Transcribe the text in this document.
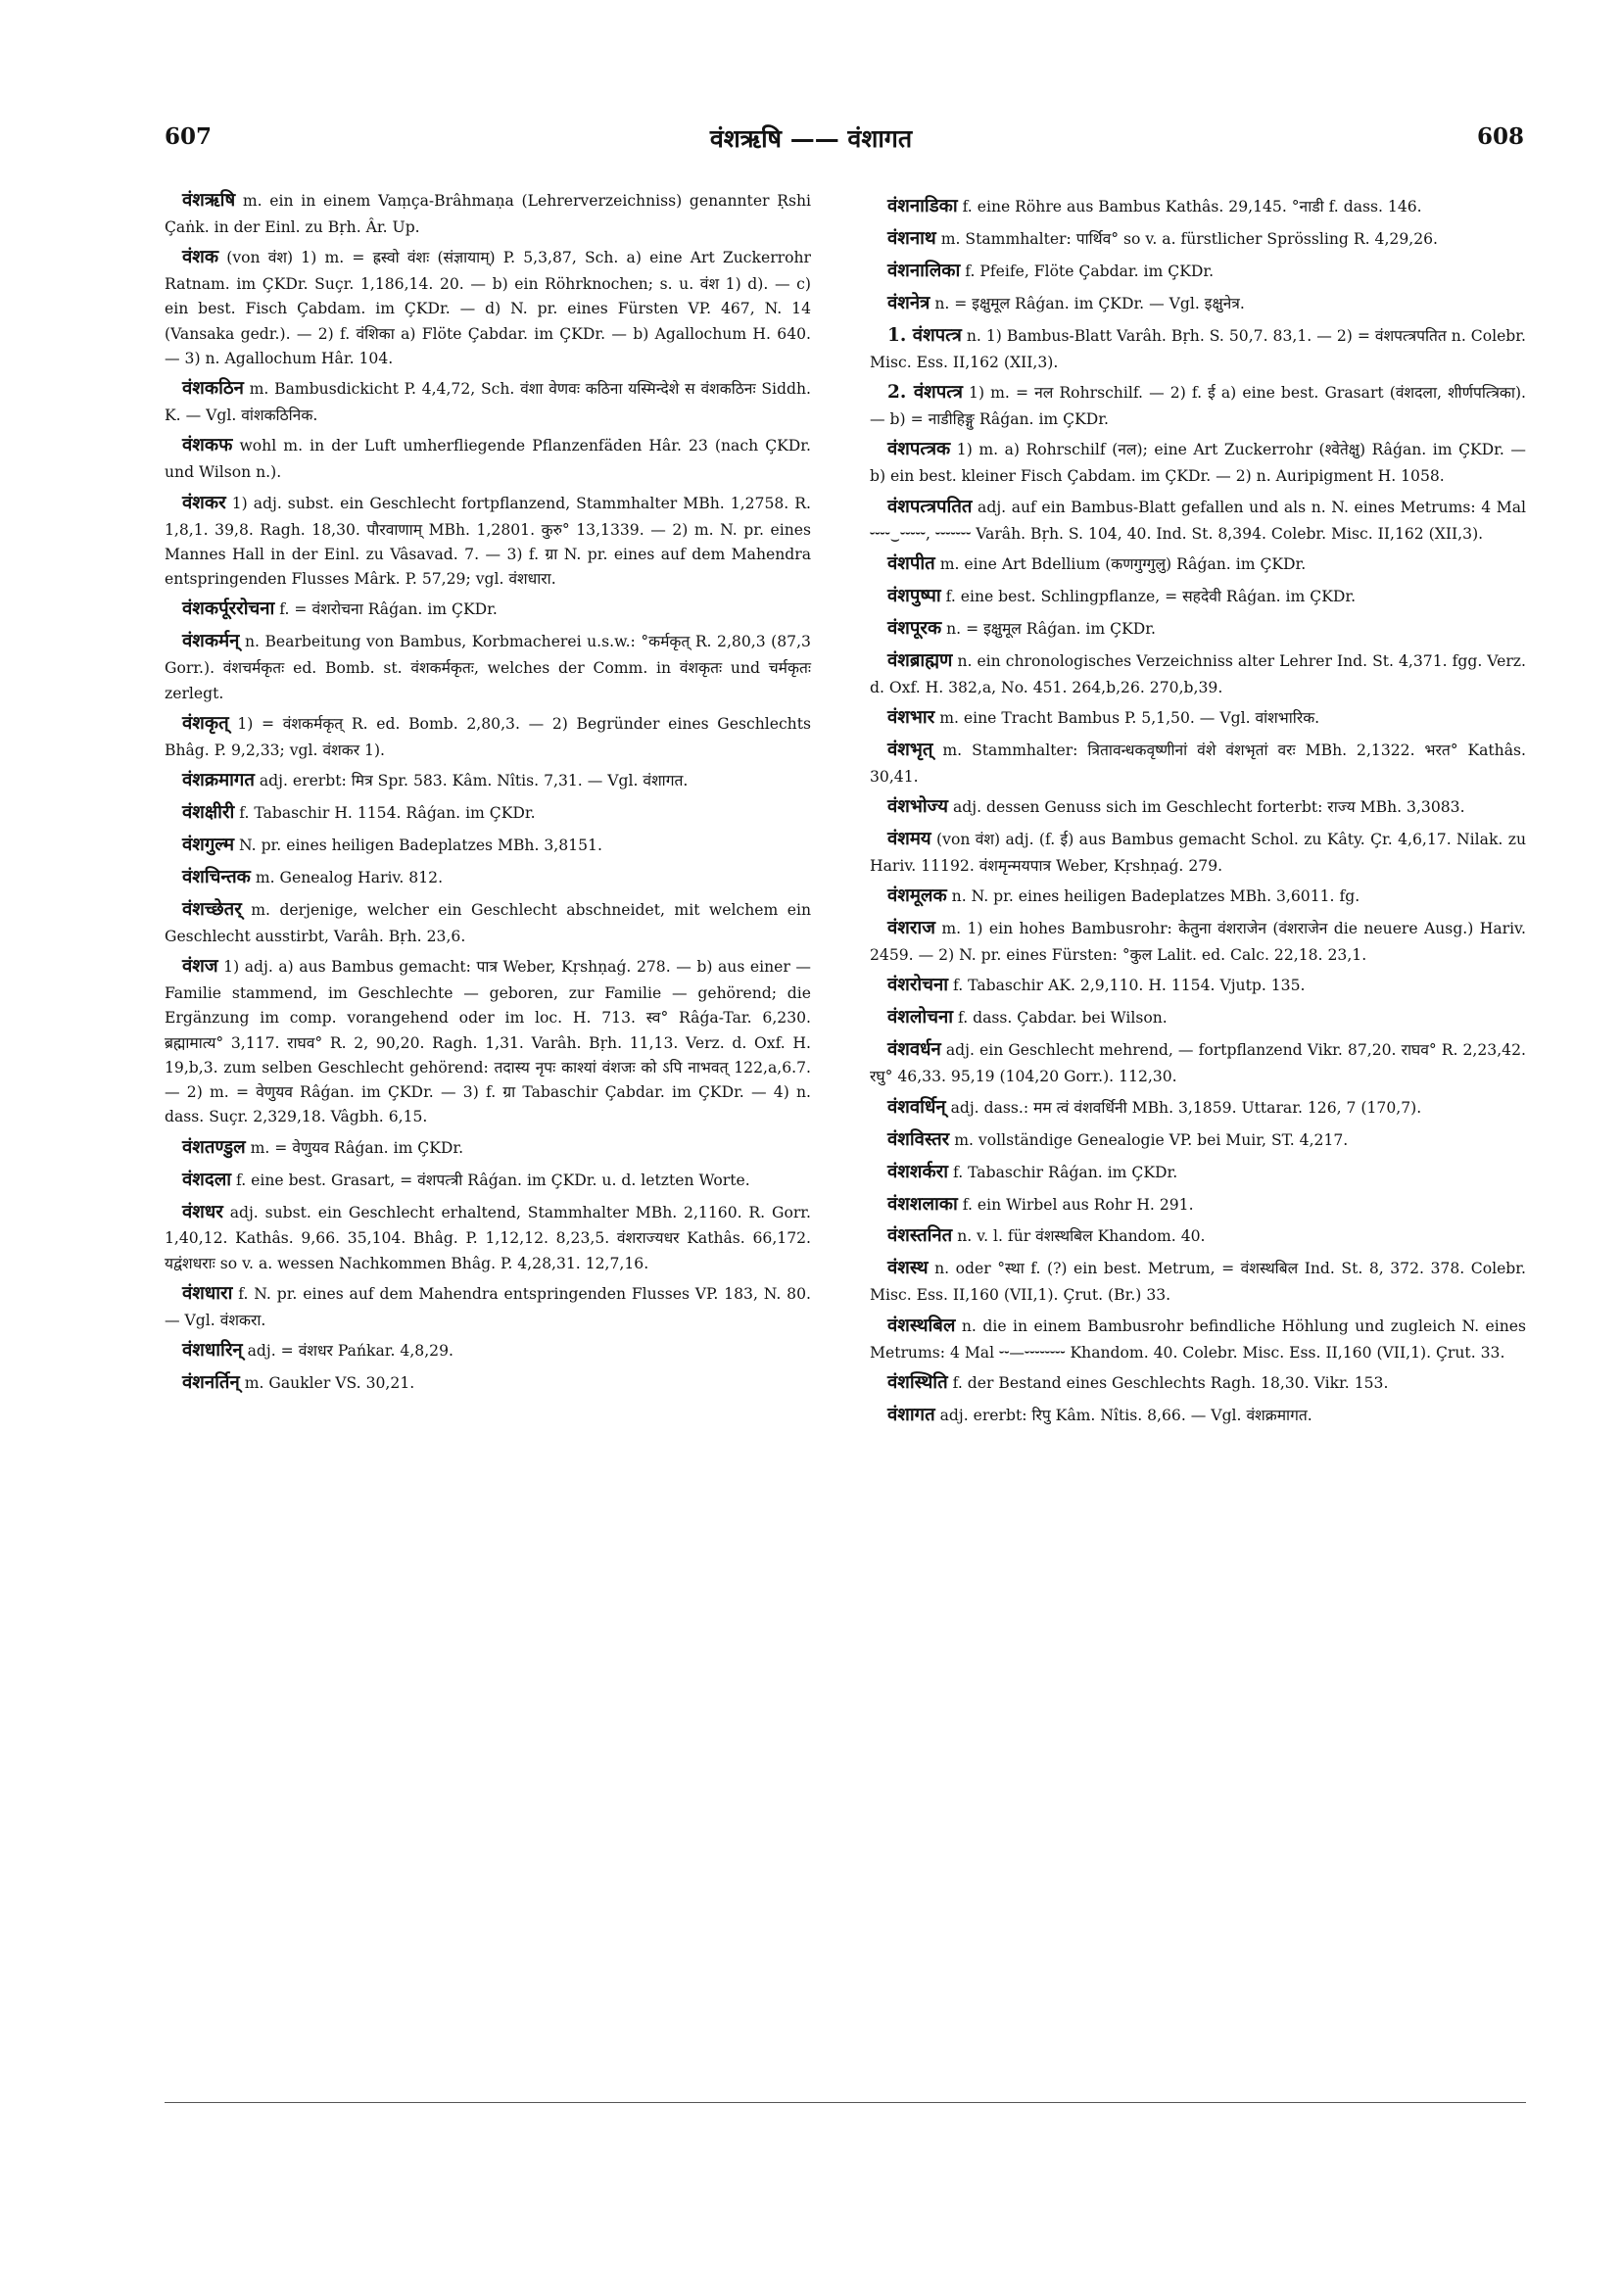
607	वंशऋषि —— वंशागत	608

वंशऋषि m. ein in einem Vaṃça-Brâhmaṇa (Lehrerverzeichniss) genannter Ṛshi Çaṅk. in der Einl. zu Bṛh. Âr. Up.

वंशक (von वंश) 1) m. = ह्रस्वो वंशः (संज्ञायाम्) P. 5,3,87, Sch. a) eine Art Zuckerrohr Ratnam. im ÇKDr. Suçr. 1,186,14. 20. — b) ein Röhrknochen; s. u. वंश 1) d). — c) ein best. Fisch Çabdam. im ÇKDr. — d) N. pr. eines Fürsten VP. 467, N. 14 (Vansaka gedr.). — 2) f. वंशिका a) Flöte Çabdar. im ÇKDr. — b) Agallochum H. 640. — 3) n. Agallochum Hâr. 104.

वंशकठिन m. Bambusdickicht P. 4,4,72, Sch. वंशा वेणवः कठिना यस्मिन्देशे स वंशकठिनः Siddh. K. — Vgl. वांशकठिनिक.

वंशकफ wohl m. in der Luft umherfliegende Pflanzenfäden Hâr. 23 (nach ÇKDr. und Wilson n.).

वंशकर 1) adj. subst. ein Geschlecht fortpflanzend, Stammhalter MBh. 1,2758. R. 1,8,1. 39,8. Ragh. 18,30. पौरवाणाम् MBh. 1,2801. कुरु° 13,1339. — 2) m. N. pr. eines Mannes Hall in der Einl. zu Vâsavad. 7. — 3) f. ग्रा N. pr. eines auf dem Mahendra entspringenden Flusses Mârk. P. 57,29; vgl. वंशधारा.

वंशकर्पूररोचना f. = वंशरोचना Râǵan. im ÇKDr.

वंशकर्मन् n. Bearbeitung von Bambus, Korbmacherei u.s.w.: °कर्मकृत् R. 2,80,3 (87,3 Gorr.). वंशचर्मकृतः ed. Bomb. st. वंशकर्मकृतः, welches der Comm. in वंशकृतः und चर्मकृतः zerlegt.

वंशकृत् 1) = वंशकर्मकृत् R. ed. Bomb. 2,80,3. — 2) Begründer eines Geschlechts Bhâg. P. 9,2,33; vgl. वंशकर 1).

वंशक्रमागत adj. ererbt: मित्र Spr. 583. Kâm. Nîtis. 7,31. — Vgl. वंशागत.

वंशक्षीरी f. Tabaschir H. 1154. Râǵan. im ÇKDr.

वंशगुल्म N. pr. eines heiligen Badeplatzes MBh. 3,8151.

वंशचिन्तक m. Genealog Hariv. 812.

वंशच्छेतर् m. derjenige, welcher ein Geschlecht abschneidet, mit welchem ein Geschlecht ausstirbt, Varâh. Bṛh. 23,6.

वंशज 1) adj. a) aus Bambus gemacht: पात्र Weber, Kṛshṇaǵ. 278. — b) aus einer — Familie stammend, im Geschlechte — geboren, zur Familie — gehörend; die Ergänzung im comp. vorangehend oder im loc. H. 713. स्व° Râǵa-Tar. 6,230. ब्रह्मामात्य° 3,117. राघव° R. 2, 90,20. Ragh. 1,31. Varâh. Bṛh. 11,13. Verz. d. Oxf. H. 19,b,3. zum selben Geschlecht gehörend: तदास्य नृपः काश्यां वंशजः को ऽपि नाभवत् 122,a,6.7. — 2) m. = वेणुयव Râǵan. im ÇKDr. — 3) f. ग्रा Tabaschir Çabdar. im ÇKDr. — 4) n. dass. Suçr. 2,329,18. Vâgbh. 6,15.

वंशतण्डुल m. = वेणुयव Râǵan. im ÇKDr.

वंशदला f. eine best. Grasart, = वंशपत्त्री Râǵan. im ÇKDr. u. d. letzten Worte.

वंशधर adj. subst. ein Geschlecht erhaltend, Stammhalter MBh. 2,1160. R. Gorr. 1,40,12. Kathâs. 9,66. 35,104. Bhâg. P. 1,12,12. 8,23,5. वंशराज्यधर Kathâs. 66,172. यद्वंशधराः so v. a. wessen Nachkommen Bhâg. P. 4,28,31. 12,7,16.

वंशधारा f. N. pr. eines auf dem Mahendra entspringenden Flusses VP. 183, N. 80. — Vgl. वंशकरा.

वंशधारिन् adj. = वंशधर Pańkar. 4,8,29.

वंशनर्तिन् m. Gaukler VS. 30,21.

वंशनाडिका f. eine Röhre aus Bambus Kathâs. 29,145. °नाडी f. dass. 146.

वंशनाथ m. Stammhalter: पार्थिव° so v. a. fürstlicher Sprössling R. 4,29,26.

वंशनालिका f. Pfeife, Flöte Çabdar. im ÇKDr.

वंशनेत्र n. = इक्षुमूल Râǵan. im ÇKDr. — Vgl. इक्षुनेत्र.

1. वंशपत्त्र n. 1) Bambus-Blatt Varâh. Bṛh. S. 50,7. 83,1. — 2) = वंशपत्त्रपतित n. Colebr. Misc. Ess. II,162 (XII,3).

2. वंशपत्त्र 1) m. = नल Rohrschilf. — 2) f. ई a) eine best. Grasart (वंशदला, शीर्णपत्त्रिका). — b) = नाडीहिङ्गु Râǵan. im ÇKDr.

वंशपत्त्रक 1) m. a) Rohrschilf (नल); eine Art Zuckerrohr (श्वेतेक्षु) Râǵan. im ÇKDr. — b) ein best. kleiner Fisch Çabdam. im ÇKDr. — 2) n. Auripigment H. 1058.

वंशपत्त्रपतित adj. auf ein Bambus-Blatt gefallen und als n. N. eines Metrums: 4 Mal ⏑⏑⏑⏑‿⏑⏑⏑⏑⏑, ⏑⏑⏑⏑⏑⏑⏑ Varâh. Bṛh. S. 104, 40. Ind. St. 8,394. Colebr. Misc. II,162 (XII,3).

वंशपीत m. eine Art Bdellium (कणगुग्गुलु) Râǵan. im ÇKDr.

वंशपुष्पा f. eine best. Schlingpflanze, = सहदेवी Râǵan. im ÇKDr.

वंशपूरक n. = इक्षुमूल Râǵan. im ÇKDr.

वंशब्राह्मण n. ein chronologisches Verzeichniss alter Lehrer Ind. St. 4,371. fgg. Verz. d. Oxf. H. 382,a, No. 451. 264,b,26. 270,b,39.

वंशभार m. eine Tracht Bambus P. 5,1,50. — Vgl. वांशभारिक.

वंशभृत् m. Stammhalter: त्रितावन्धकवृष्णीनां वंशे वंशभृतां वरः MBh. 2,1322. भरत° Kathâs. 30,41.

वंशभोज्य adj. dessen Genuss sich im Geschlecht forterbt: राज्य MBh. 3,3083.

वंशमय (von वंश) adj. (f. ई) aus Bambus gemacht Schol. zu Kâty. Çr. 4,6,17. Nilak. zu Hariv. 11192. वंशमृन्मयपात्र Weber, Kṛshṇaǵ. 279.

वंशमूलक n. N. pr. eines heiligen Badeplatzes MBh. 3,6011. fg.

वंशराज m. 1) ein hohes Bambusrohr: केतुना वंशराजेन (वंशराजेन die neuere Ausg.) Hariv. 2459. — 2) N. pr. eines Fürsten: °कुल Lalit. ed. Calc. 22,18. 23,1.

वंशरोचना f. Tabaschir AK. 2,9,110. H. 1154. Vjutp. 135.

वंशलोचना f. dass. Çabdar. bei Wilson.

वंशवर्धन adj. ein Geschlecht mehrend, — fortpflanzend Vikr. 87,20. राघव° R. 2,23,42. रघु° 46,33. 95,19 (104,20 Gorr.). 112,30.

वंशवर्धिन् adj. dass.: मम त्वं वंशवर्धिनी MBh. 3,1859. Uttarar. 126, 7 (170,7).

वंशविस्तर m. vollständige Genealogie VP. bei Muir, ST. 4,217.

वंशशर्करा f. Tabaschir Râǵan. im ÇKDr.

वंशशलाका f. ein Wirbel aus Rohr H. 291.

वंशस्तनित n. v. l. für वंशस्थबिल Khandom. 40.

वंशस्थ n. oder °स्था f. (?) ein best. Metrum, = वंशस्थबिल Ind. St. 8, 372. 378. Colebr. Misc. Ess. II,160 (VII,1). Çrut. (Br.) 33.

वंशस्थबिल n. die in einem Bambusrohr befindliche Höhlung und zugleich N. eines Metrums: 4 Mal ⏑⏑—⏑⏑⏑⏑⏑⏑⏑⏑ Khandom. 40. Colebr. Misc. Ess. II,160 (VII,1). Çrut. 33.

वंशस्थिति f. der Bestand eines Geschlechts Ragh. 18,30. Vikr. 153.

वंशागत adj. ererbt: रिपु Kâm. Nîtis. 8,66. — Vgl. वंशक्रमागत.
